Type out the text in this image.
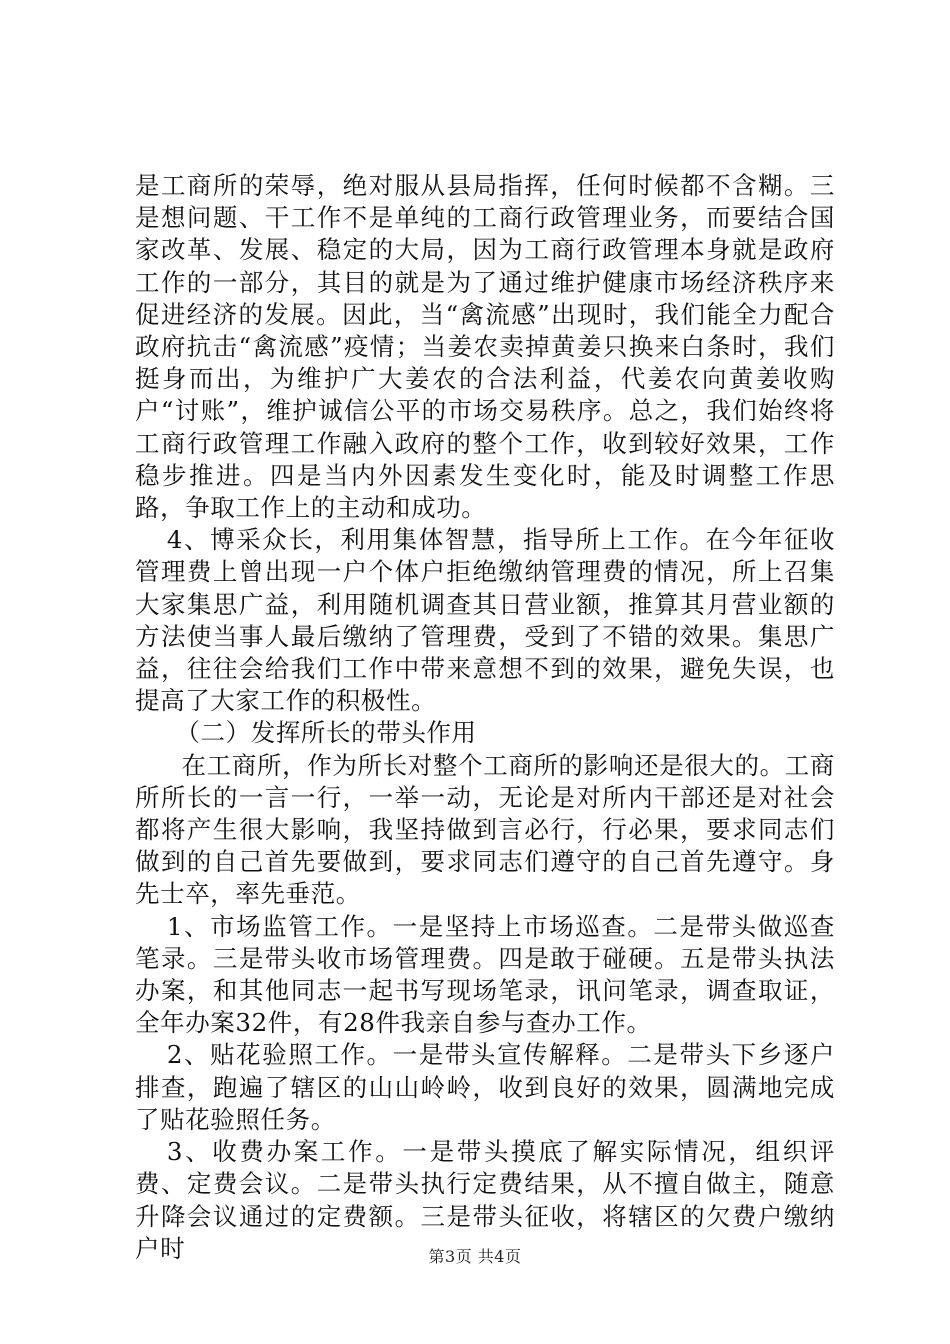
是工商所的荣辱，绝对服从县局指挥，任何时候都不含糊。三是想问题、干工作不是单纯的工商行政管理业务，而要结合国家改革、发展、稳定的大局，因为工商行政管理本身就是政府工作的一部分，其目的就是为了通过维护健康市场经济秩序来促进经济的发展。因此，当“禽流感”出现时，我们能全力配合政府抗击“禽流感”疫情；当姜农卖掉黄姜只换来白条时，我们挺身而出，为维护广大姜农的合法利益，代姜农向黄姜收购户“讨账”，维护诚信公平的市场交易秩序。总之，我们始终将工商行政管理工作融入政府的整个工作，收到较好效果，工作稳步推进。四是当内外因素发生变化时，能及时调整工作思路，争取工作上的主动和成功。

4、博采众长，利用集体智慧，指导所上工作。在今年征收管理费上曾出现一户个体户拒绝缴纳管理费的情况，所上召集大家集思广益，利用随机调查其日营业额，推算其月营业额的方法使当事人最后缴纳了管理费，受到了不错的效果。集思广益，往往会给我们工作中带来意想不到的效果，避免失误，也提高了大家工作的积极性。

（二）发挥所长的带头作用

在工商所，作为所长对整个工商所的影响还是很大的。工商所所长的一言一行，一举一动，无论是对所内干部还是对社会都将产生很大影响，我坚持做到言必行，行必果，要求同志们做到的自己首先要做到，要求同志们遵守的自己首先遵守。身先士卒，率先垂范。

1、市场监管工作。一是坚持上市场巡查。二是带头做巡查笔录。三是带头收市场管理费。四是敢于碰硬。五是带头执法办案，和其他同志一起书写现场笔录，讯问笔录，调查取证，全年办案32件，有28件我亲自参与查办工作。

2、贴花验照工作。一是带头宣传解释。二是带头下乡逐户排查，跑遍了辖区的山山岭岭，收到良好的效果，圆满地完成了贴花验照任务。

3、收费办案工作。一是带头摸底了解实际情况，组织评费、定费会议。二是带头执行定费结果，从不擅自做主，随意升降会议通过的定费额。三是带头征收，将辖区的欠费户缴纳户时	第3页 共4页
